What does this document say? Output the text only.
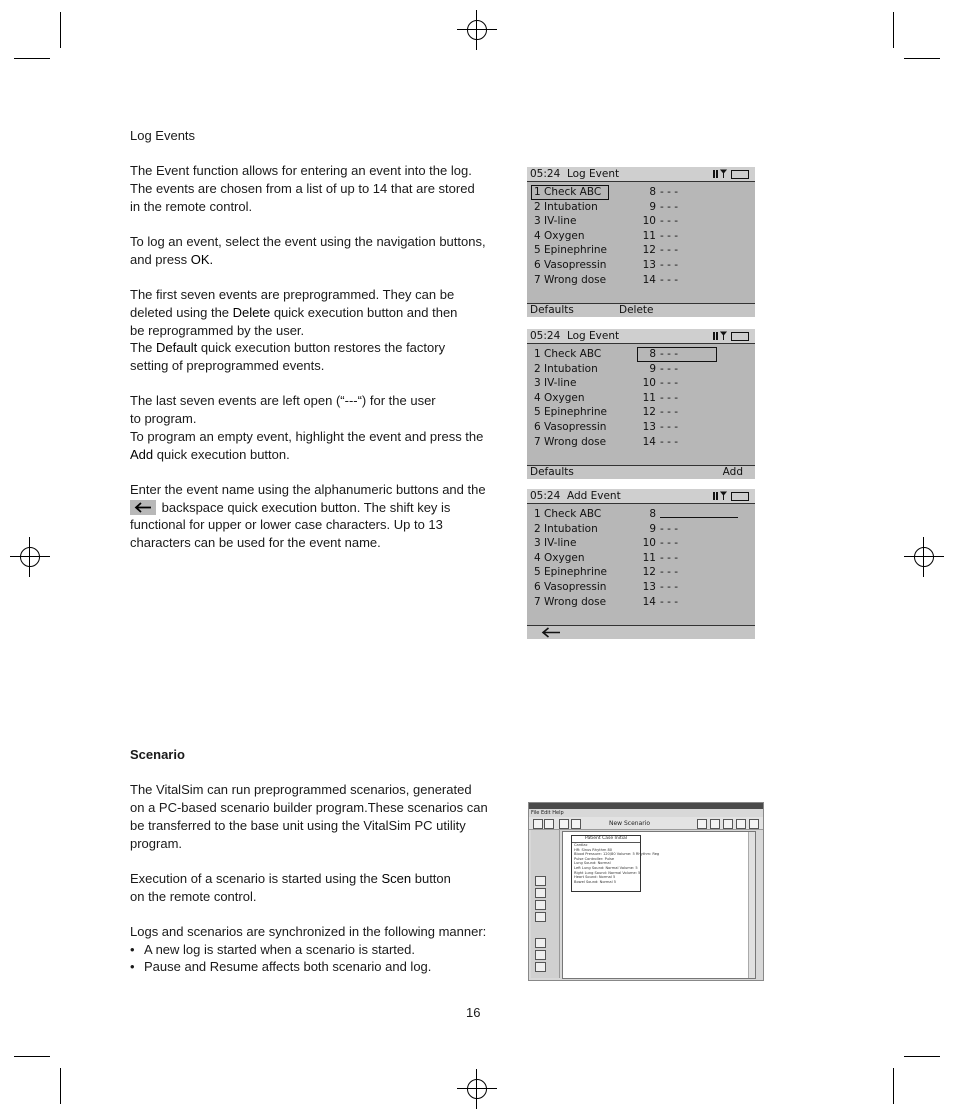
Log Events

The Event function allows for entering an event into the log.
The events are chosen from a list of up to 14 that are stored
in the remote control.

To log an event, select the event using the navigation buttons,
and press OK.

The first seven events are preprogrammed. They can be
deleted using the Delete quick execution button and then
be reprogrammed by the user.
The Default quick execution button restores the factory
setting of preprogrammed events.

The last seven events are left open (“---“) for the user
to program.
To program an empty event, highlight the event and press the
Add quick execution button.

Enter the event name using the alphanumeric buttons and the

backspace quick execution button. The shift key is
functional for upper or lower case characters. Up to 13
characters can be used for the event name.

05:24 Log Event
1 Check ABC	8 - - -
2 Intubation	9 - - -
3 IV-line	10 - - -
4 Oxygen	11 - - -
5 Epinephrine	12 - - -
6 Vasopressin	13 - - -
7 Wrong dose	14 - - -
Defaults	Delete
05:24 Log Event
1 Check ABC	8 - - -
2 Intubation	9 - - -
3 IV-line	10 - - -
4 Oxygen	11 - - -
5 Epinephrine	12 - - -
6 Vasopressin	13 - - -
7 Wrong dose	14 - - -
Defaults	Add
05:24 Add Event
1 Check ABC	8
2 Intubation	9 - - -
3 IV-line	10 - - -
4 Oxygen	11 - - -
5 Epinephrine	12 - - -
6 Vasopressin	13 - - -
7 Wrong dose	14 - - -

Scenario

The VitalSim can run preprogrammed scenarios, generated
on a PC-based scenario builder program.These scenarios can
be transferred to the base unit using the VitalSim PC utility
program.

Execution of a scenario is started using the Scen button
on the remote control.

Logs and scenarios are synchronized in the following manner:

• A new log is started when a scenario is started.
• Pause and Resume affects both scenario and log.
File Edit Help
New Scenario
Patient Case Initial
Cardiac
HR: Sinus Rhythm 80
Blood Pressure: 120/80 Volume: 5 Rhythm: Reg
Pulse Controller: Pulse
Lung Sound: Normal
Left Lung Sound: Normal Volume: 5
Right Lung Sound: Normal Volume: 5
Heart Sound: Normal 5
Bowel Sound: Normal 5
16
